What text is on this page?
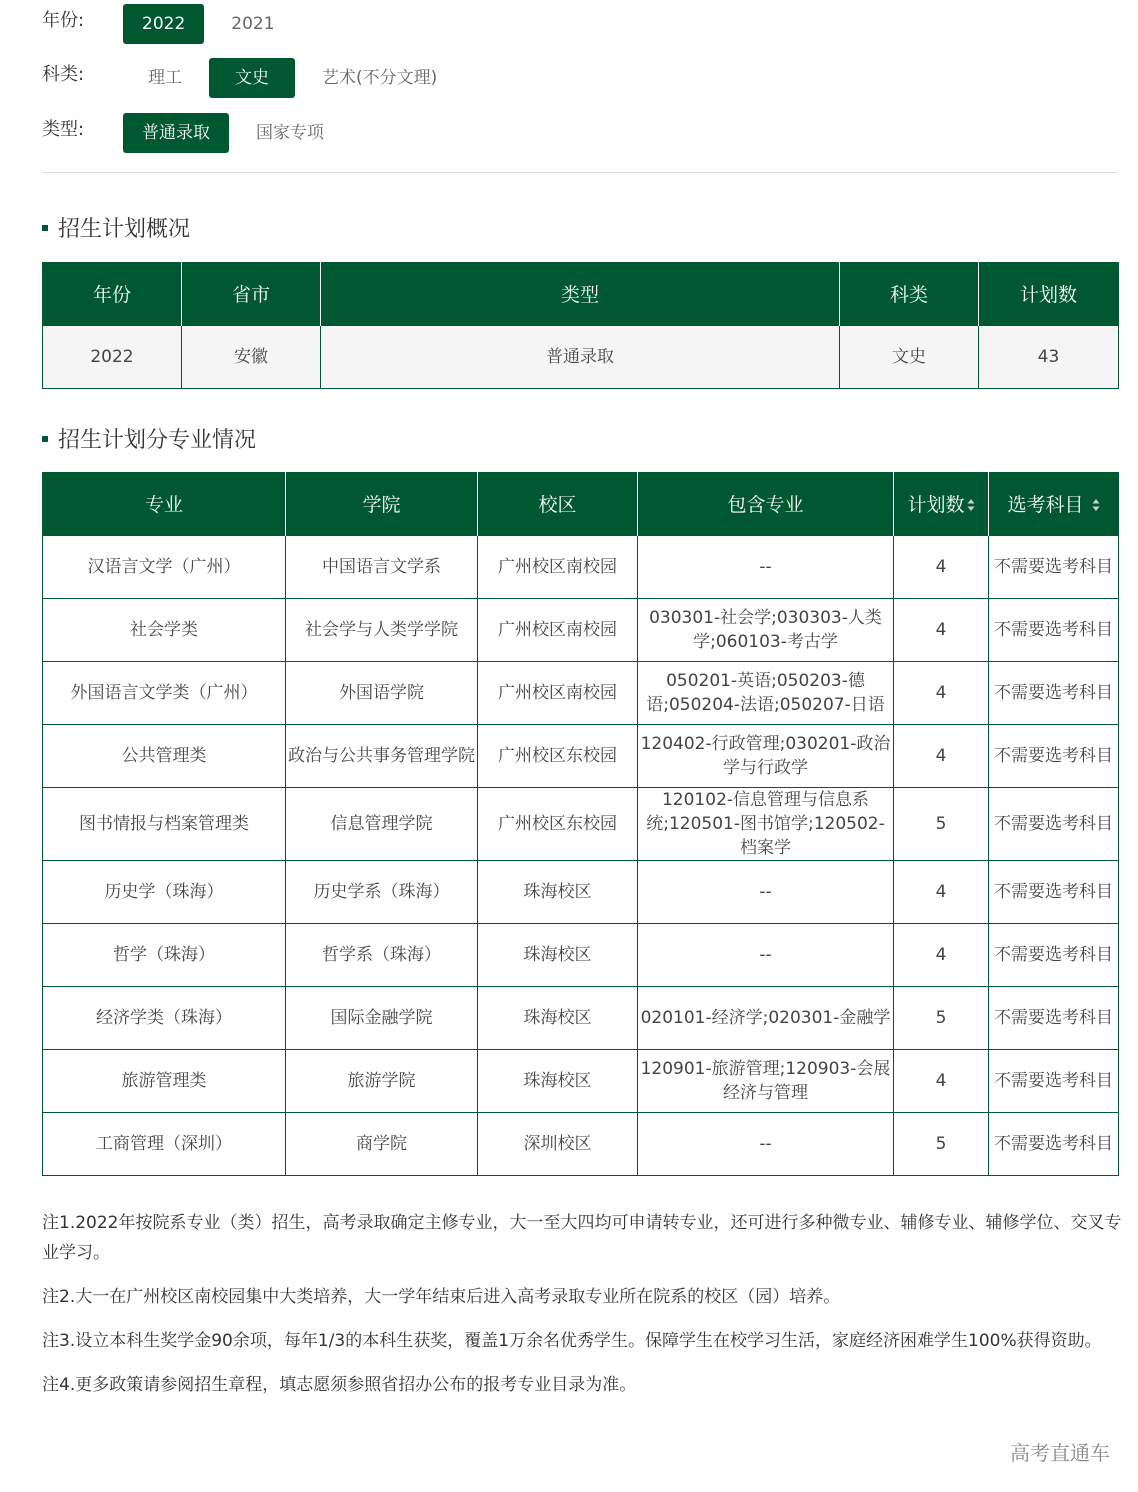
年份:	2022	2021
科类:	理工	文史	艺术(不分文理)
类型:	普通录取	国家专项
招生计划概况
年份	省市	类型	科类	计划数
2022	安徽	普通录取	文史	43
招生计划分专业情况
专业	学院	校区	包含专业	计划数	选考科目

汉语言文学（广州）	中国语言文学系	广州校区南校园	--	4	不需要选考科目
社会学类	社会学与人类学学院	广州校区南校园	030301-社会学;030303-人类学;060103-考古学	4	不需要选考科目
外国语言文学类（广州）	外国语学院	广州校区南校园	050201-英语;050203-德语;050204-法语;050207-日语	4	不需要选考科目
公共管理类	政治与公共事务管理学院	广州校区东校园	120402-行政管理;030201-政治学与行政学	4	不需要选考科目
图书情报与档案管理类	信息管理学院	广州校区东校园	120102-信息管理与信息系统;120501-图书馆学;120502-档案学	5	不需要选考科目
历史学（珠海）	历史学系（珠海）	珠海校区	--	4	不需要选考科目
哲学（珠海）	哲学系（珠海）	珠海校区	--	4	不需要选考科目
经济学类（珠海）	国际金融学院	珠海校区	020101-经济学;020301-金融学	5	不需要选考科目
旅游管理类	旅游学院	珠海校区	120901-旅游管理;120903-会展经济与管理	4	不需要选考科目
工商管理（深圳）	商学院	深圳校区	--	5	不需要选考科目

注1.2022年按院系专业（类）招生，高考录取确定主修专业，大一至大四均可申请转专业，还可进行多种微专业、辅修专业、辅修学位、交叉专业学习。

注2.大一在广州校区南校园集中大类培养，大一学年结束后进入高考录取专业所在院系的校区（园）培养。

注3.设立本科生奖学金90余项，每年1/3的本科生获奖，覆盖1万余名优秀学生。保障学生在校学习生活，家庭经济困难学生100%获得资助。

注4.更多政策请参阅招生章程，填志愿须参照省招办公布的报考专业目录为准。

高考直通车
